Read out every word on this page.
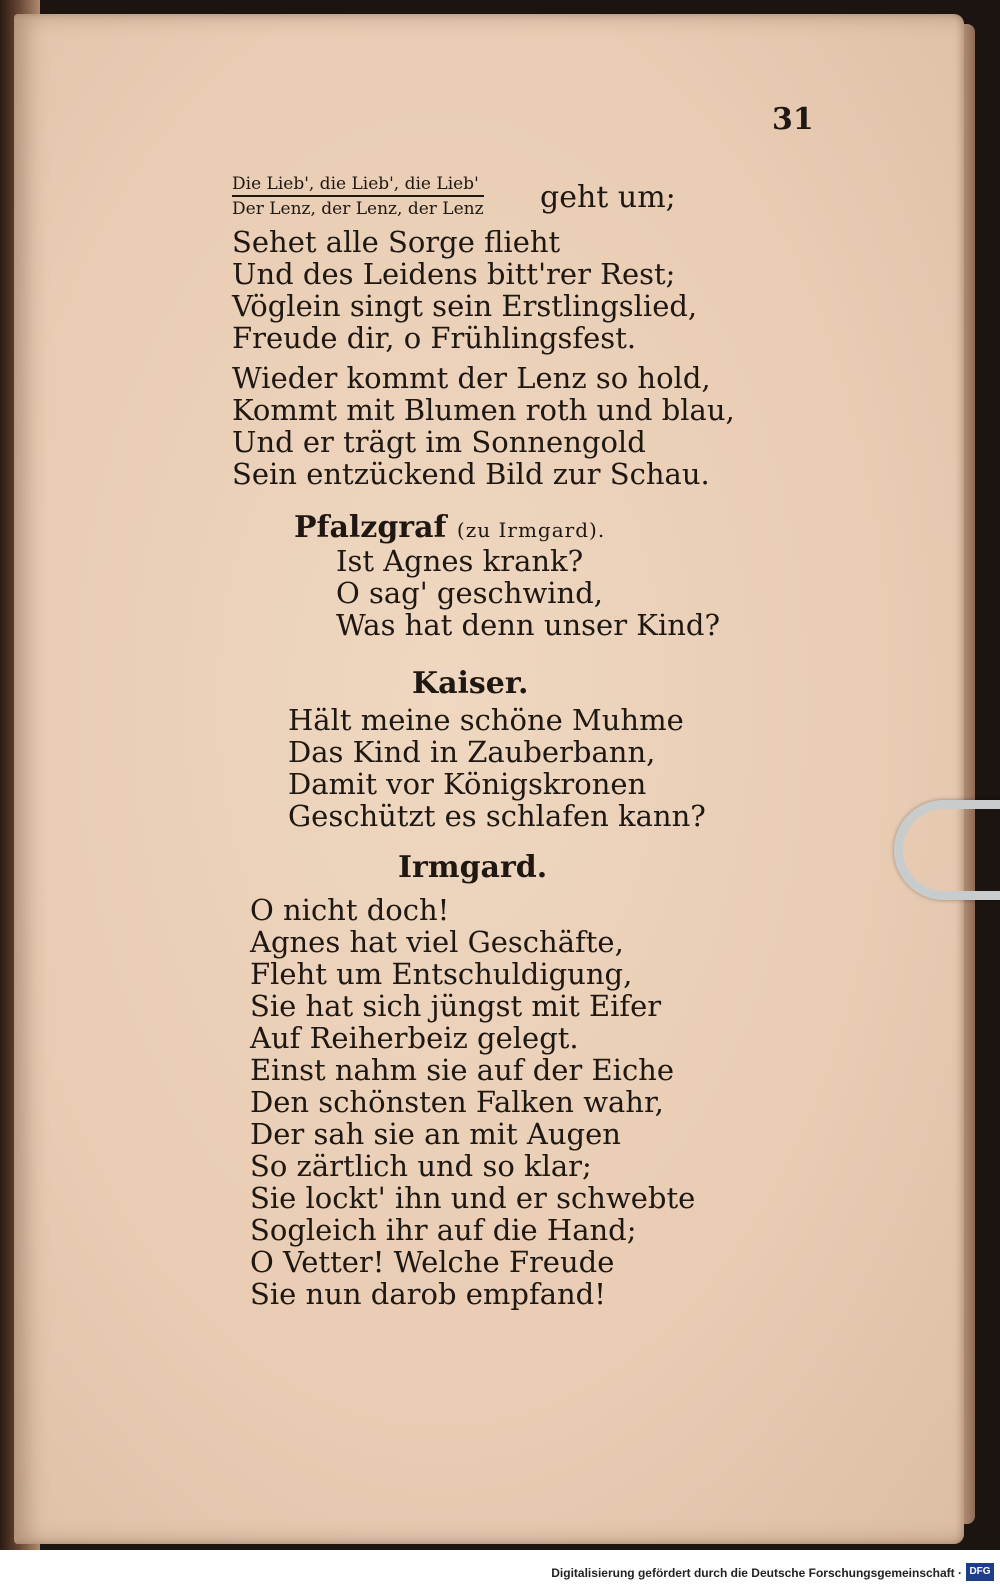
31
Die Lieb', die Lieb', die Lieb'
Der Lenz, der Lenz, der Lenz geht um;
Sehet alle Sorge flieht
Und des Leidens bitt'rer Rest;
Vöglein singt sein Erstlingslied,
Freude dir, o Frühlingsfest.
Wieder kommt der Lenz so hold,
Kommt mit Blumen roth und blau,
Und er trägt im Sonnengold
Sein entzückend Bild zur Schau.
Pfalzgraf (zu Irmgard).
Ist Agnes krank?
O sag' geschwind,
Was hat denn unser Kind?
Kaiser.
Hält meine schöne Muhme
Das Kind in Zauberbann,
Damit vor Königskronen
Geschützt es schlafen kann?
Irmgard.
O nicht doch!
Agnes hat viel Geschäfte,
Fleht um Entschuldigung,
Sie hat sich jüngst mit Eifer
Auf Reiherbeiz gelegt.
Einst nahm sie auf der Eiche
Den schönsten Falken wahr,
Der sah sie an mit Augen
So zärtlich und so klar;
Sie lockt' ihn und er schwebte
Sogleich ihr auf die Hand;
O Vetter! Welche Freude
Sie nun darob empfand!
Digitalisierung gefördert durch die Deutsche Forschungsgemeinschaft · DFG
